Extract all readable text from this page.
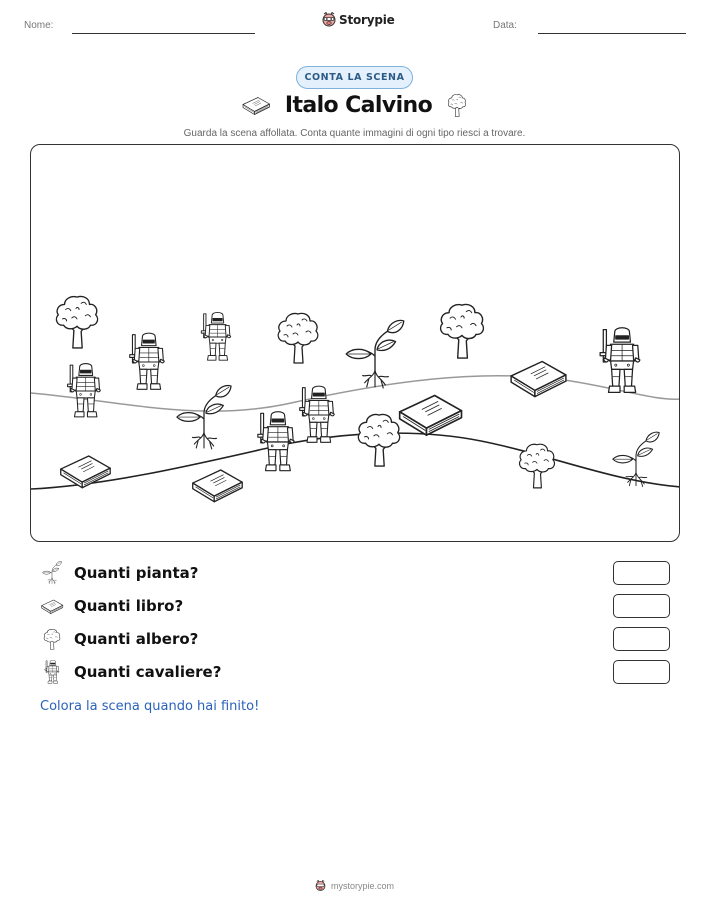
Nome:	Storypie	Data:
CONTA LA SCENA
Italo Calvino
Guarda la scena affollata. Conta quante immagini di ogni tipo riesci a trovare.
Quanti pianta?
Quanti libro?
Quanti albero?
Quanti cavaliere?
Colora la scena quando hai finito!
mystorypie.com
